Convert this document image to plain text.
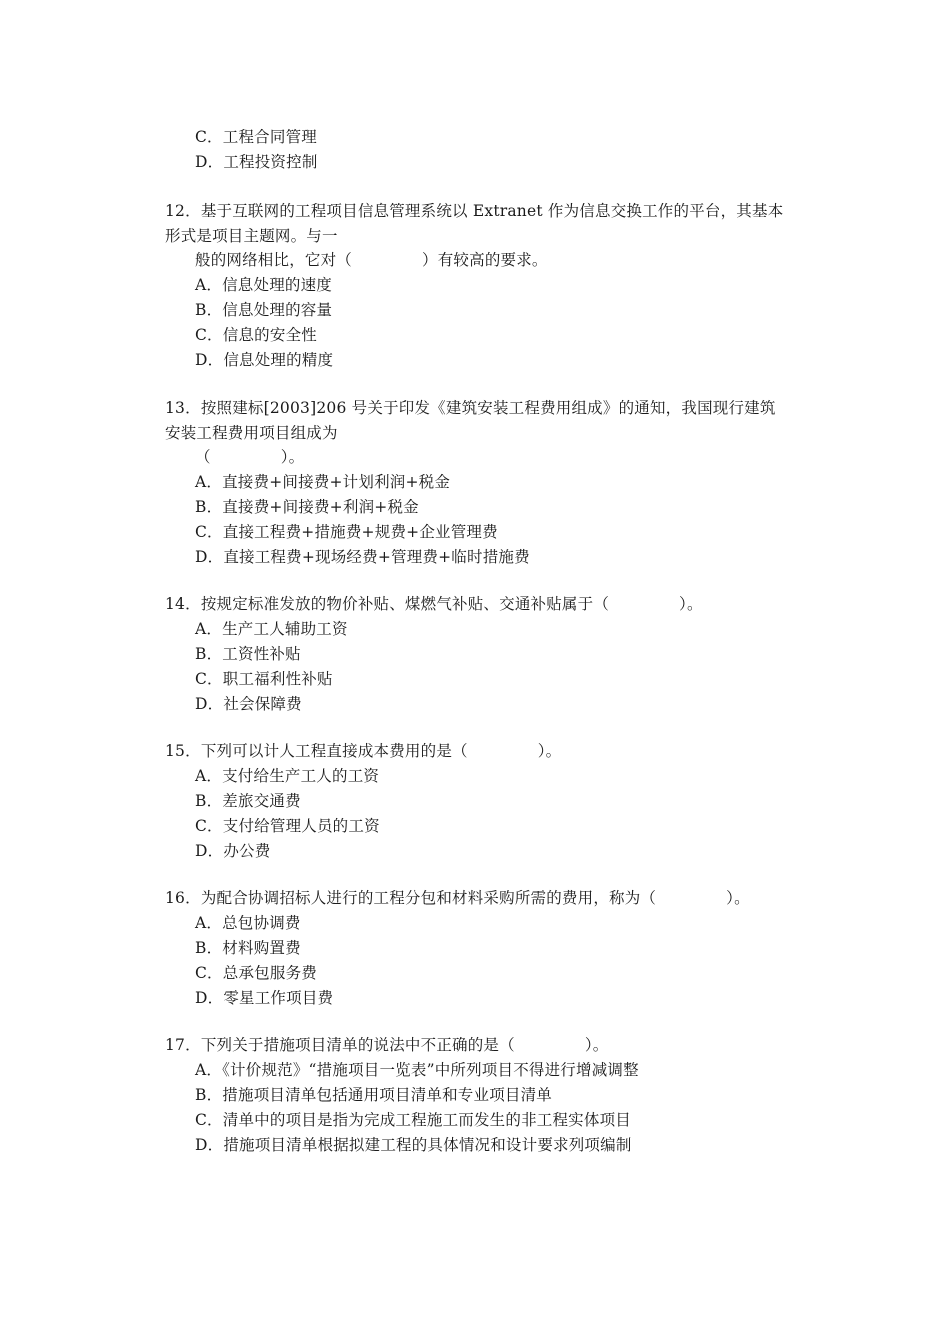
C．工程合同管理
D．工程投资控制
12．基于互联网的工程项目信息管理系统以 Extranet 作为信息交换工作的平台，其基本
形式是项目主题网。与一
般的网络相比，它对（	）有较高的要求。
A．信息处理的速度
B．信息处理的容量
C．信息的安全性
D．信息处理的精度
13．按照建标[2003]206 号关于印发《建筑安装工程费用组成》的通知，我国现行建筑
安装工程费用项目组成为
（	）。
A．直接费+间接费+计划利润+税金
B．直接费+间接费+利润+税金
C．直接工程费+措施费+规费+企业管理费
D．直接工程费+现场经费+管理费+临时措施费
14．按规定标准发放的物价补贴、煤燃气补贴、交通补贴属于（	）。
A．生产工人辅助工资
B．工资性补贴
C．职工福利性补贴
D．社会保障费
15．下列可以计人工程直接成本费用的是（	）。
A．支付给生产工人的工资
B．差旅交通费
C．支付给管理人员的工资
D．办公费
16．为配合协调招标人进行的工程分包和材料采购所需的费用，称为（	）。
A．总包协调费
B．材料购置费
C．总承包服务费
D．零星工作项目费
17．下列关于措施项目清单的说法中不正确的是（	）。
A．《计价规范》“措施项目一览表”中所列项目不得进行增减调整
B．措施项目清单包括通用项目清单和专业项目清单
C．清单中的项目是指为完成工程施工而发生的非工程实体项目
D．措施项目清单根据拟建工程的具体情况和设计要求列项编制
